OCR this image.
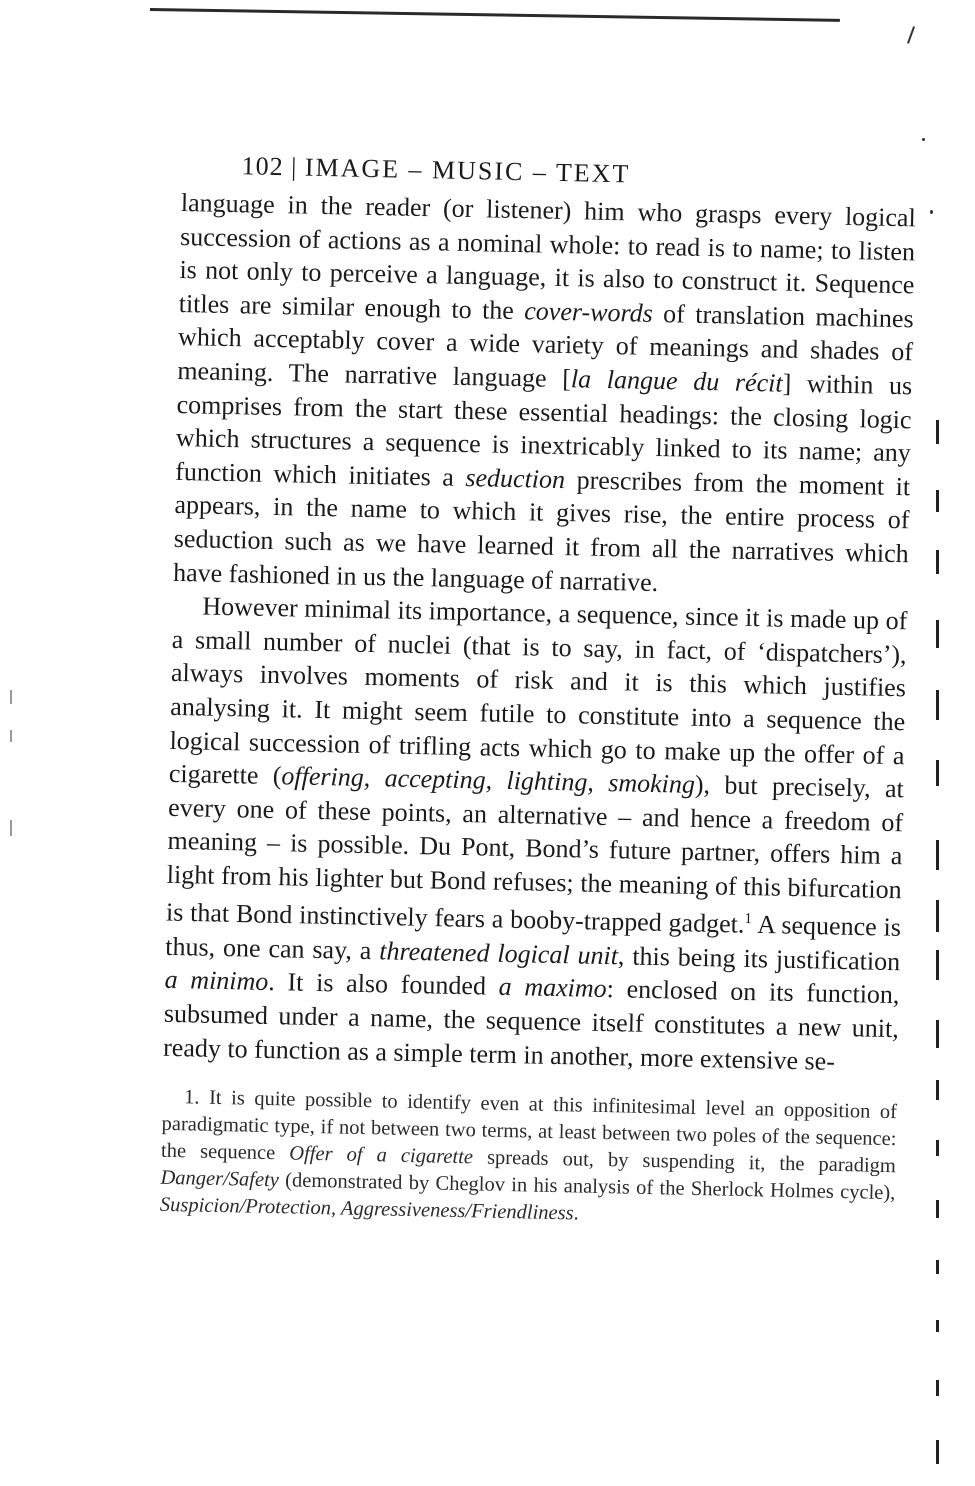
102 | IMAGE – MUSIC – TEXT

language in the reader (or listener) him who grasps every logical succession of actions as a nominal whole: to read is to name; to listen is not only to perceive a language, it is also to construct it. Sequence titles are similar enough to the cover-words of translation machines which acceptably cover a wide variety of meanings and shades of meaning. The narrative language [la langue du récit] within us comprises from the start these essential headings: the closing logic which structures a sequence is inextricably linked to its name; any function which initiates a seduction prescribes from the moment it appears, in the name to which it gives rise, the entire process of seduction such as we have learned it from all the narratives which have fashioned in us the language of narrative.

However minimal its importance, a sequence, since it is made up of a small number of nuclei (that is to say, in fact, of ‘dispatchers’), always involves moments of risk and it is this which justifies analysing it. It might seem futile to constitute into a sequence the logical succession of trifling acts which go to make up the offer of a cigarette (offering, accepting, lighting, smoking), but precisely, at every one of these points, an alternative – and hence a freedom of meaning – is possible. Du Pont, Bond’s future partner, offers him a light from his lighter but Bond refuses; the meaning of this bifurcation is that Bond instinctively fears a booby-trapped gadget.$^1$ A sequence is thus, one can say, a threatened logical unit, this being its justification a minimo. It is also founded a maximo: enclosed on its function, subsumed under a name, the sequence itself constitutes a new unit, ready to function as a simple term in another, more extensive se-

1. It is quite possible to identify even at this infinitesimal level an opposition of paradigmatic type, if not between two terms, at least between two poles of the sequence: the sequence Offer of a cigarette spreads out, by suspending it, the paradigm Danger/Safety (demonstrated by Cheglov in his analysis of the Sherlock Holmes cycle), Suspicion/Protection, Aggressiveness/Friendliness.
